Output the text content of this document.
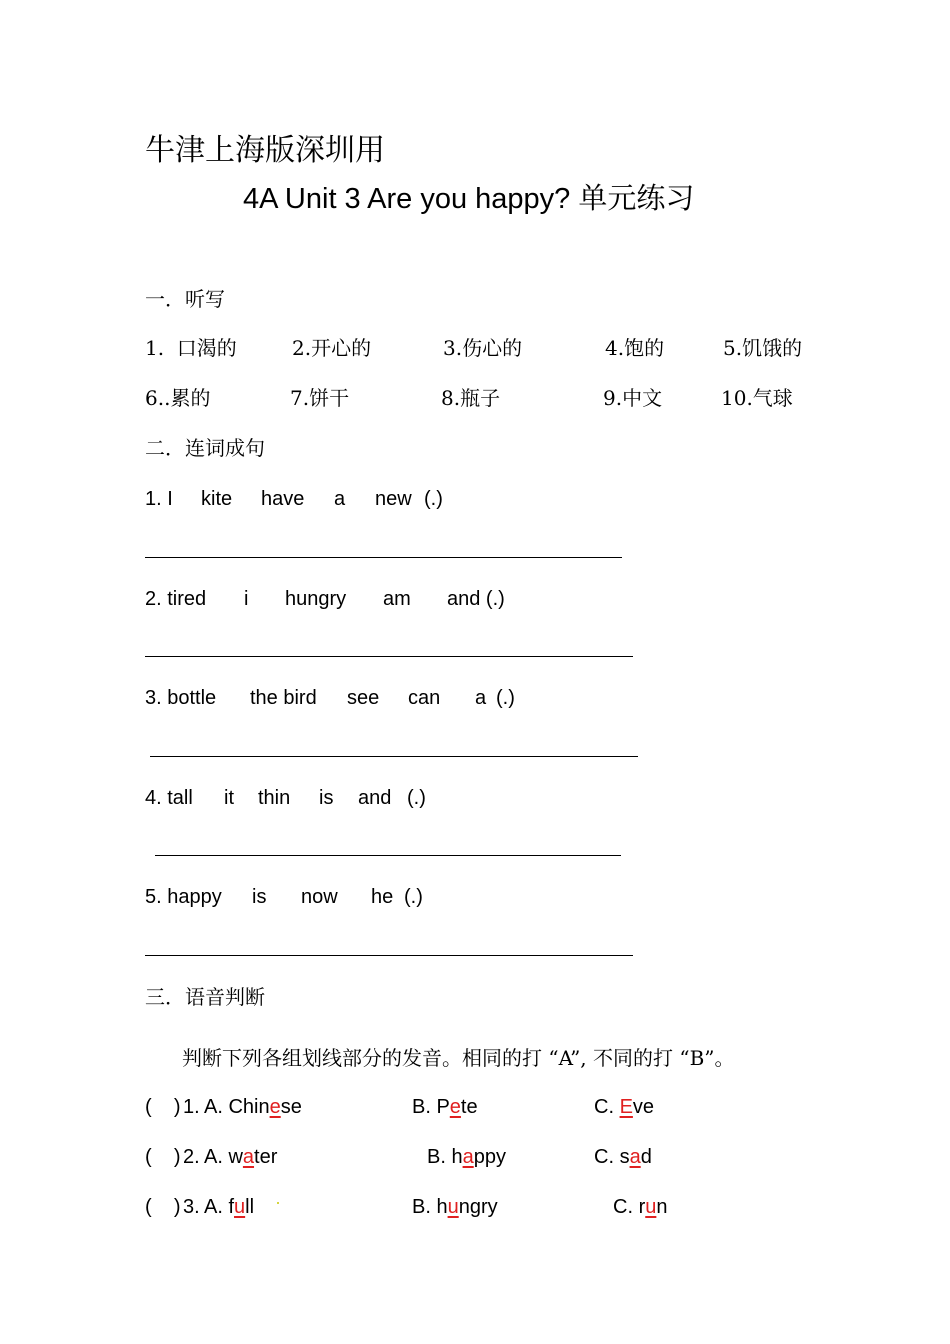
牛津上海版深圳用
4A Unit 3 Are you happy? 单元练习
一．听写
1.  口渴的	2.开心的	3.伤心的	4.饱的	5.饥饿的
6..累的	7.饼干	8.瓶子	9.中文	10.气球
二．连词成句
1. I kite have a new (.)
2. tired i hungry am and (.)
3. bottle the bird see can a (.)
4. tall it thin is and (.)
5. happy is now he (.)
三．语音判断
判断下列各组划线部分的发音。相同的打 “A”, 不同的打 “B”。
(    ) 1. A. Chinese	B. Pete	C. Eve
(    ) 2. A. water	B. happy	C. sad
(    ) 3. A. full	B. hungry	C. run
